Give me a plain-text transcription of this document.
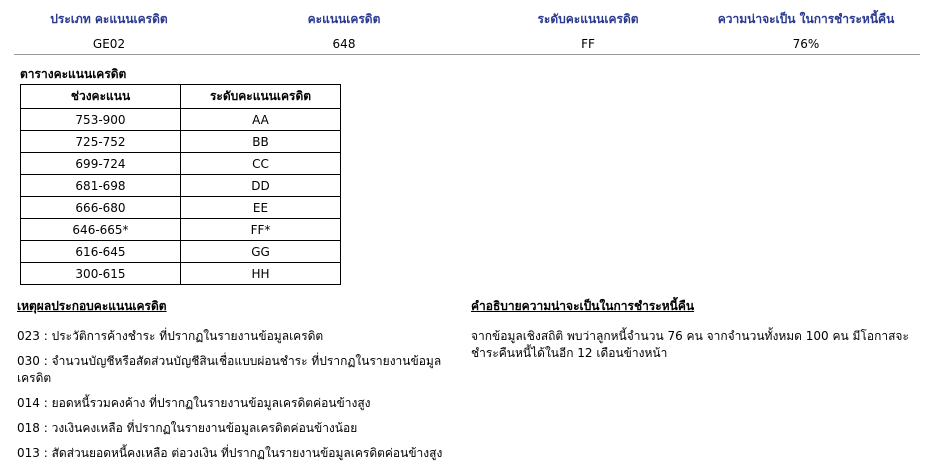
ประเภท คะแนนเครดิต	คะแนนเครดิต	ระดับคะแนนเครดิต	ความน่าจะเป็น ในการชำระหนี้คืน
GE02	648	FF	76%
ตารางคะแนนเครดิต
ช่วงคะแนน	ระดับคะแนนเครดิต
753-900	AA
725-752	BB
699-724	CC
681-698	DD
666-680	EE
646-665*	FF*
616-645	GG
300-615	HH
เหตุผลประกอบคะแนนเครดิต
023 : ประวัติการค้างชำระ ที่ปรากฏในรายงานข้อมูลเครดิต
030 : จำนวนบัญชีหรือสัดส่วนบัญชีสินเชื่อแบบผ่อนชำระ ที่ปรากฏในรายงานข้อมูลเครดิต
014 : ยอดหนี้รวมคงค้าง ที่ปรากฏในรายงานข้อมูลเครดิตค่อนข้างสูง
018 : วงเงินคงเหลือ ที่ปรากฏในรายงานข้อมูลเครดิตค่อนข้างน้อย
013 : สัดส่วนยอดหนี้คงเหลือ ต่อวงเงิน ที่ปรากฏในรายงานข้อมูลเครดิตค่อนข้างสูง
คำอธิบายความน่าจะเป็นในการชำระหนี้คืน
จากข้อมูลเชิงสถิติ พบว่าลูกหนี้จำนวน 76 คน จากจำนวนทั้งหมด 100 คน มีโอกาสจะชำระคืนหนี้ได้ในอีก 12 เดือนข้างหน้า
